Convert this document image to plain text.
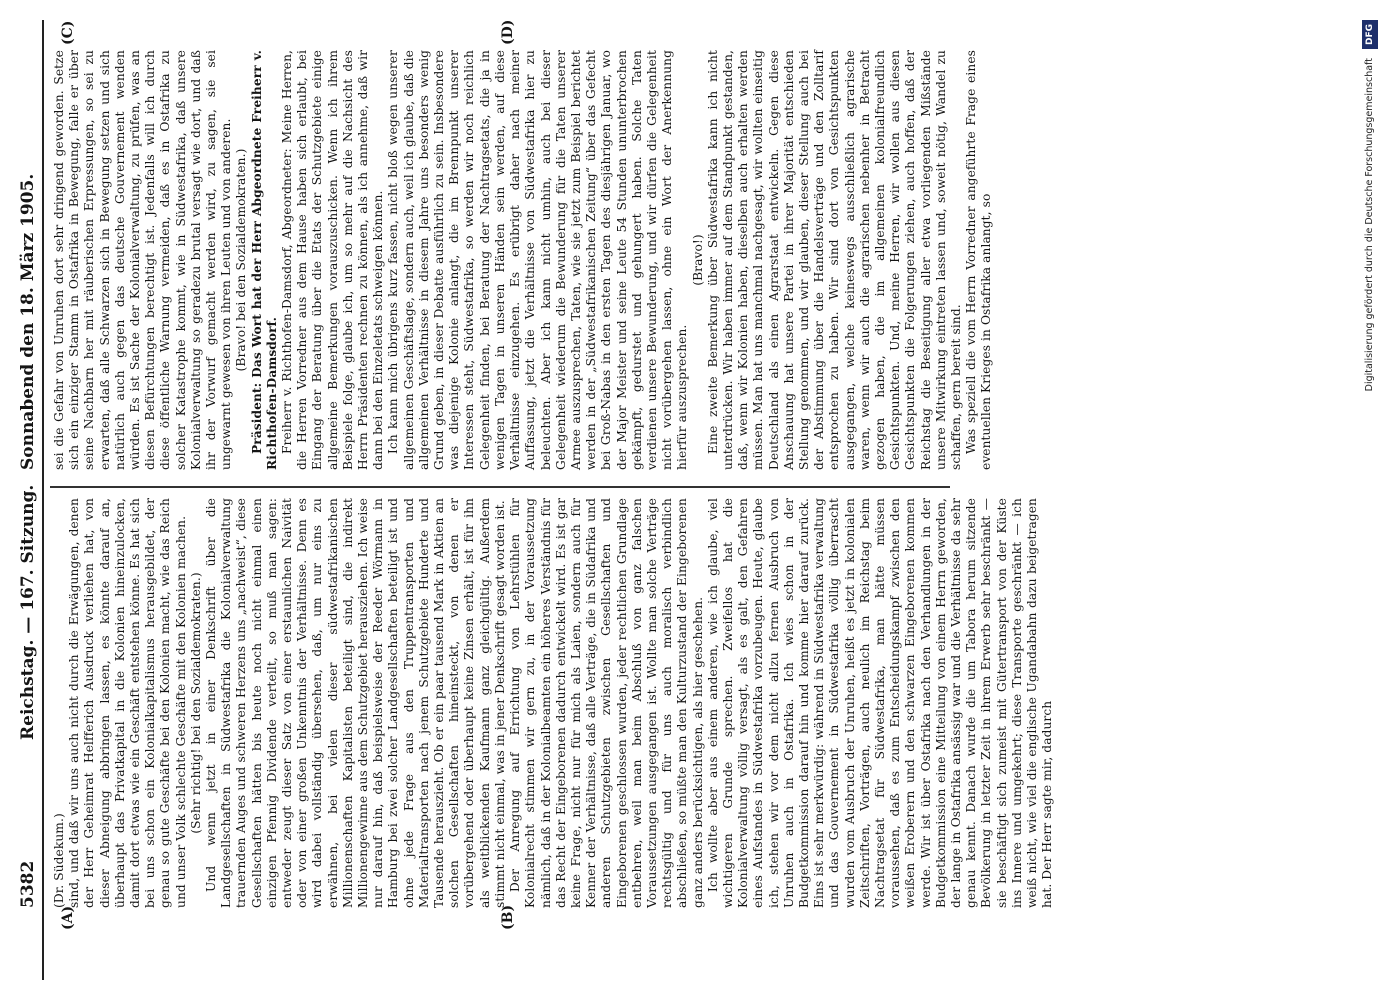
5382
Reichstag. — 167. Sitzung.
Sonnabend den 18. März 1905.

(Dr. Südekum.) sind, und daß wir uns auch nicht durch die Erwägungen, denen der Herr Geheimrat Helfferich Ausdruck verliehen hat, von dieser Abneigung abbringen lassen, es könnte darauf an, überhaupt das Privatkapital in die Kolonien hineinzulocken, damit dort etwas wie ein Geschäft entstehen könne. Es hat sich bei uns schon ein Kolonialkapitalismus herausgebildet, der genau so gute Geschäfte bei den Kolonien macht, wie das Reich und unser Volk schlechte Geschäfte mit den Kolonien machen. (Sehr richtig! bei den Sozialdemokraten.) Und wenn jetzt in einer Denkschrift über die Landgesellschaften in Südwestafrika die Kolonialverwaltung trauernden Auges und schweren Herzens uns „nachweist“, diese Gesellschaften hätten bis heute noch nicht einmal einen einzigen Pfennig Dividende verteilt, so muß man sagen: entweder zeugt dieser Satz von einer erstaunlichen Naivität oder von einer großen Unkenntnis der Verhältnisse. Denn es wird dabei vollständig übersehen, daß, um nur eins zu erwähnen, bei vielen dieser südwestafrikanischen Millionenschaften Kapitalisten beteiligt sind, die indirekt Millionengewinne aus dem Schutzgebiet herausziehen. Ich weise nur darauf hin, daß beispielsweise der Reeder Wörmann in Hamburg bei zwei solcher Landgesellschaften beteiligt ist und ohne jede Frage aus den Truppentransporten und Materialtransporten nach jenem Schutzgebiete Hunderte und Tausende herauszieht. Ob er ein paar tausend Mark in Aktien an solchen Gesellschaften hineinsteckt, von denen er vorübergehend oder überhaupt keine Zinsen erhält, ist für ihn als weitblickenden Kaufmann ganz gleichgültig. Außerdem stimmt nicht einmal, was in jener Denkschrift gesagt worden ist. Der Anregung auf Errichtung von Lehrstühlen für Kolonialrecht stimmen wir gern zu, in der Voraussetzung nämlich, daß in der Kolonialbeamten ein höheres Verständnis für das Recht der Eingeborenen dadurch entwickelt wird. Es ist gar keine Frage, nicht nur für mich als Laien, sondern auch für Kenner der Verhältnisse, daß alle Verträge, die in Südafrika und anderen Schutzgebieten zwischen Gesellschaften und Eingeborenen geschlossen wurden, jeder rechtlichen Grundlage entbehren, weil man beim Abschluß von ganz falschen Voraussetzungen ausgegangen ist. Wollte man solche Verträge rechtsgültig und für uns auch moralisch verbindlich abschließen, so müßte man den Kulturzustand der Eingeborenen ganz anders berücksichtigen, als hier geschehen. Ich wollte aber aus einem anderen, wie ich glaube, viel wichtigeren Grunde sprechen. Zweifellos hat die Kolonialverwaltung völlig versagt, als es galt, den Gefahren eines Aufstandes in Südwestafrika vorzubeugen. Heute, glaube ich, stehen wir vor dem nicht allzu fernen Ausbruch von Unruhen auch in Ostafrika. Ich wies schon in der Budgetkommission darauf hin und komme hier darauf zurück. Eins ist sehr merkwürdig: während in Südwestafrika verwaltung und das Gouvernement in Südwestafrika völlig überrascht wurden vom Ausbruch der Unruhen, heißt es jetzt in kolonialen Zeitschriften, Vorträgen, auch neulich im Reichstag beim Nachtragsetat für Südwestafrika, man hätte müssen voraussehen, daß es zum Entscheidungskampf zwischen den weißen Eroberern und den schwarzen Eingeborenen kommen werde. Wir ist über Ostafrika nach den Verhandlungen in der Budgetkommission eine Mitteilung von einem Herrn geworden, der lange in Ostafrika ansässig war und die Verhältnisse da sehr genau kennt. Danach wurde die um Tabora herum sitzende Bevölkerung in letzter Zeit in ihrem Erwerb sehr beschränkt — sie beschäftigt sich zumeist mit Gütertransport von der Küste ins Innere und umgekehrt; diese Transporte geschränkt — ich weiß nicht, wie viel die englische Ugandabahn dazu beigetragen hat. Der Herr sagte mir, dadurch

sei die Gefahr von Unruhen dort sehr dringend geworden. Setze sich ein einziger Stamm in Ostafrika in Bewegung, falle er über seine Nachbarn her mit räuberischen Erpressungen, so sei zu erwarten, daß alle Schwarzen sich in Bewegung setzen und sich natürlich auch gegen das deutsche Gouvernement wenden würden. Es ist Sache der Kolonialverwaltung, zu prüfen, was an diesen Befürchtungen berechtigt ist. Jedenfalls will ich durch diese öffentliche Warnung vermeiden, daß es in Ostafrika zu solcher Katastrophe kommt, wie in Südwestafrika, daß unsere Kolonialverwaltung so geradezu brutal versagt wie dort, und daß ihr der Vorwurf gemacht werden wird, zu sagen, sie sei ungewarnt gewesen von ihren Leuten und von anderen. (Bravo! bei den Sozialdemokraten.) Präsident: Das Wort hat der Herr Abgeordnete Freiherr v. Richthofen-Damsdorf. Freiherr v. Richthofen-Damsdorf, Abgeordneter: Meine Herren, die Herren Vorredner aus dem Hause haben sich erlaubt, bei Eingang der Beratung über die Etats der Schutzgebiete einige allgemeine Bemerkungen vorauszuschicken. Wenn ich ihrem Beispiele folge, glaube ich, um so mehr auf die Nachsicht des Herrn Präsidenten rechnen zu können, als ich annehme, daß wir dann bei den Einzeletats schweigen können. Ich kann mich übrigens kurz fassen, nicht bloß wegen unserer allgemeinen Geschäftslage, sondern auch, weil ich glaube, daß die allgemeinen Verhältnisse in diesem Jahre uns besonders wenig Grund geben, in dieser Debatte ausführlich zu sein. Insbesondere was diejenige Kolonie anlangt, die im Brennpunkt unserer Interessen steht, Südwestafrika, so werden wir noch reichlich Gelegenheit finden, bei Beratung der Nachtragsetats, die ja in wenigen Tagen in unseren Händen sein werden, auf diese Verhältnisse einzugehen. Es erübrigt daher nach meiner Auffassung, jetzt die Verhältnisse von Südwestafrika hier zu beleuchten. Aber ich kann nicht umhin, auch bei dieser Gelegenheit wiederum die Bewunderung für die Taten unserer Armee auszusprechen, Taten, wie sie jetzt zum Beispiel berichtet werden in der „Südwestafrikanischen Zeitung“ über das Gefecht bei Groß-Nabas in den ersten Tagen des diesjährigen Januar, wo der Major Meister und seine Leute 54 Stunden ununterbrochen gekämpft, gedurstet und gehungert haben. Solche Taten verdienen unsere Bewunderung, und wir dürfen die Gelegenheit nicht vorübergehen lassen, ohne ein Wort der Anerkennung hierfür auszusprechen.

(Bravo!) Eine zweite Bemerkung über Südwestafrika kann ich nicht unterdrücken. Wir haben immer auf dem Standpunkt gestanden, daß, wenn wir Kolonien haben, dieselben auch erhalten werden müssen. Man hat uns manchmal nachgesagt, wir wollten einseitig Deutschland als einen Agrarstaat entwickeln. Gegen diese Anschauung hat unsere Partei in ihrer Majorität entschieden Stellung genommen, und wir glauben, dieser Stellung auch bei der Abstimmung über die Handelsverträge und den Zolltarif entsprochen zu haben. Wir sind dort von Gesichtspunkten ausgegangen, welche keineswegs ausschließlich agrarische waren, wenn wir auch die agrarischen nebenher in Betracht gezogen haben, die im allgemeinen kolonialfreundlich Gesichtspunkten. Und, meine Herren, wir wollen aus diesen Gesichtspunkten die Folgerungen ziehen, auch hoffen, daß der Reichstag die Beseitigung aller etwa vorliegenden Mißstände unsere Mitwirkung eintreten lassen und, soweit nötig, Wandel zu schaffen, gern bereit sind. Was speziell die vom Herrn Vorredner angeführte Frage eines eventuellen Krieges in Ostafrika anlangt, so

(A)	(B)
(C)	(D)
Digitalisierung gefördert durch die Deutsche Forschungsgemeinschaft DFG
